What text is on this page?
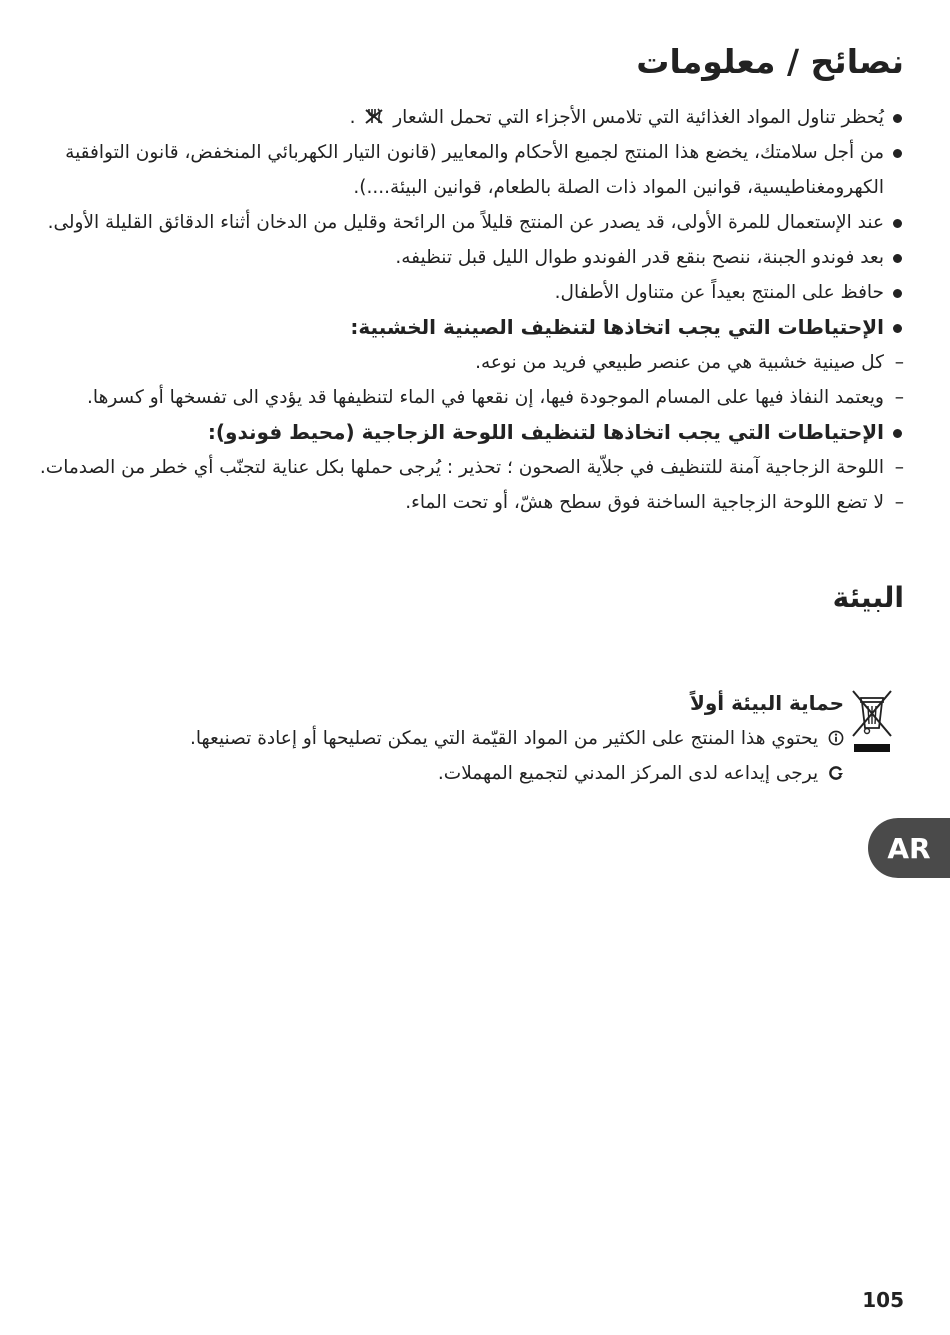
نصائح / معلومات
يُحظر تناول المواد الغذائية التي تلامس الأجزاء التي تحمل الشعار
.
من أجل سلامتك، يخضع هذا المنتج لجميع الأحكام والمعايير (قانون التيار الكهربائي المنخفض، قانون التوافقية الكهرومغناطيسية، قوانين المواد ذات الصلة بالطعام، قوانين البيئة....).
عند الإستعمال للمرة الأولى، قد يصدر عن المنتج قليلاً من الرائحة وقليل من الدخان أثناء الدقائق القليلة الأولى.
بعد فوندو الجبنة، ننصح بنقع قدر الفوندو طوال الليل قبل تنظيفه.
حافظ على المنتج بعيداً عن متناول الأطفال.
الإحتياطات التي يجب اتخاذها لتنظيف الصينية الخشبية:
– كل صينية خشبية هي من عنصر طبيعي فريد من نوعه.
– ويعتمد النفاذ فيها على المسام الموجودة فيها، إن نقعها في الماء لتنظيفها قد يؤدي الى تفسخها أو كسرها.
الإحتياطات التي يجب اتخاذها لتنظيف اللوحة الزجاجية (محيط فوندو):
– اللوحة الزجاجية آمنة للتنظيف في جلاّية الصحون ؛ تحذير : يُرجى حملها بكل عناية لتجنّب أي خطر من الصدمات.
– لا تضع اللوحة الزجاجية الساخنة فوق سطح هشّ، أو تحت الماء.
البيئة
حماية البيئة أولاً
يحتوي هذا المنتج على الكثير من المواد القيّمة التي يمكن تصليحها أو إعادة تصنيعها.
يرجى إيداعه لدى المركز المدني لتجميع المهملات.
AR
105
